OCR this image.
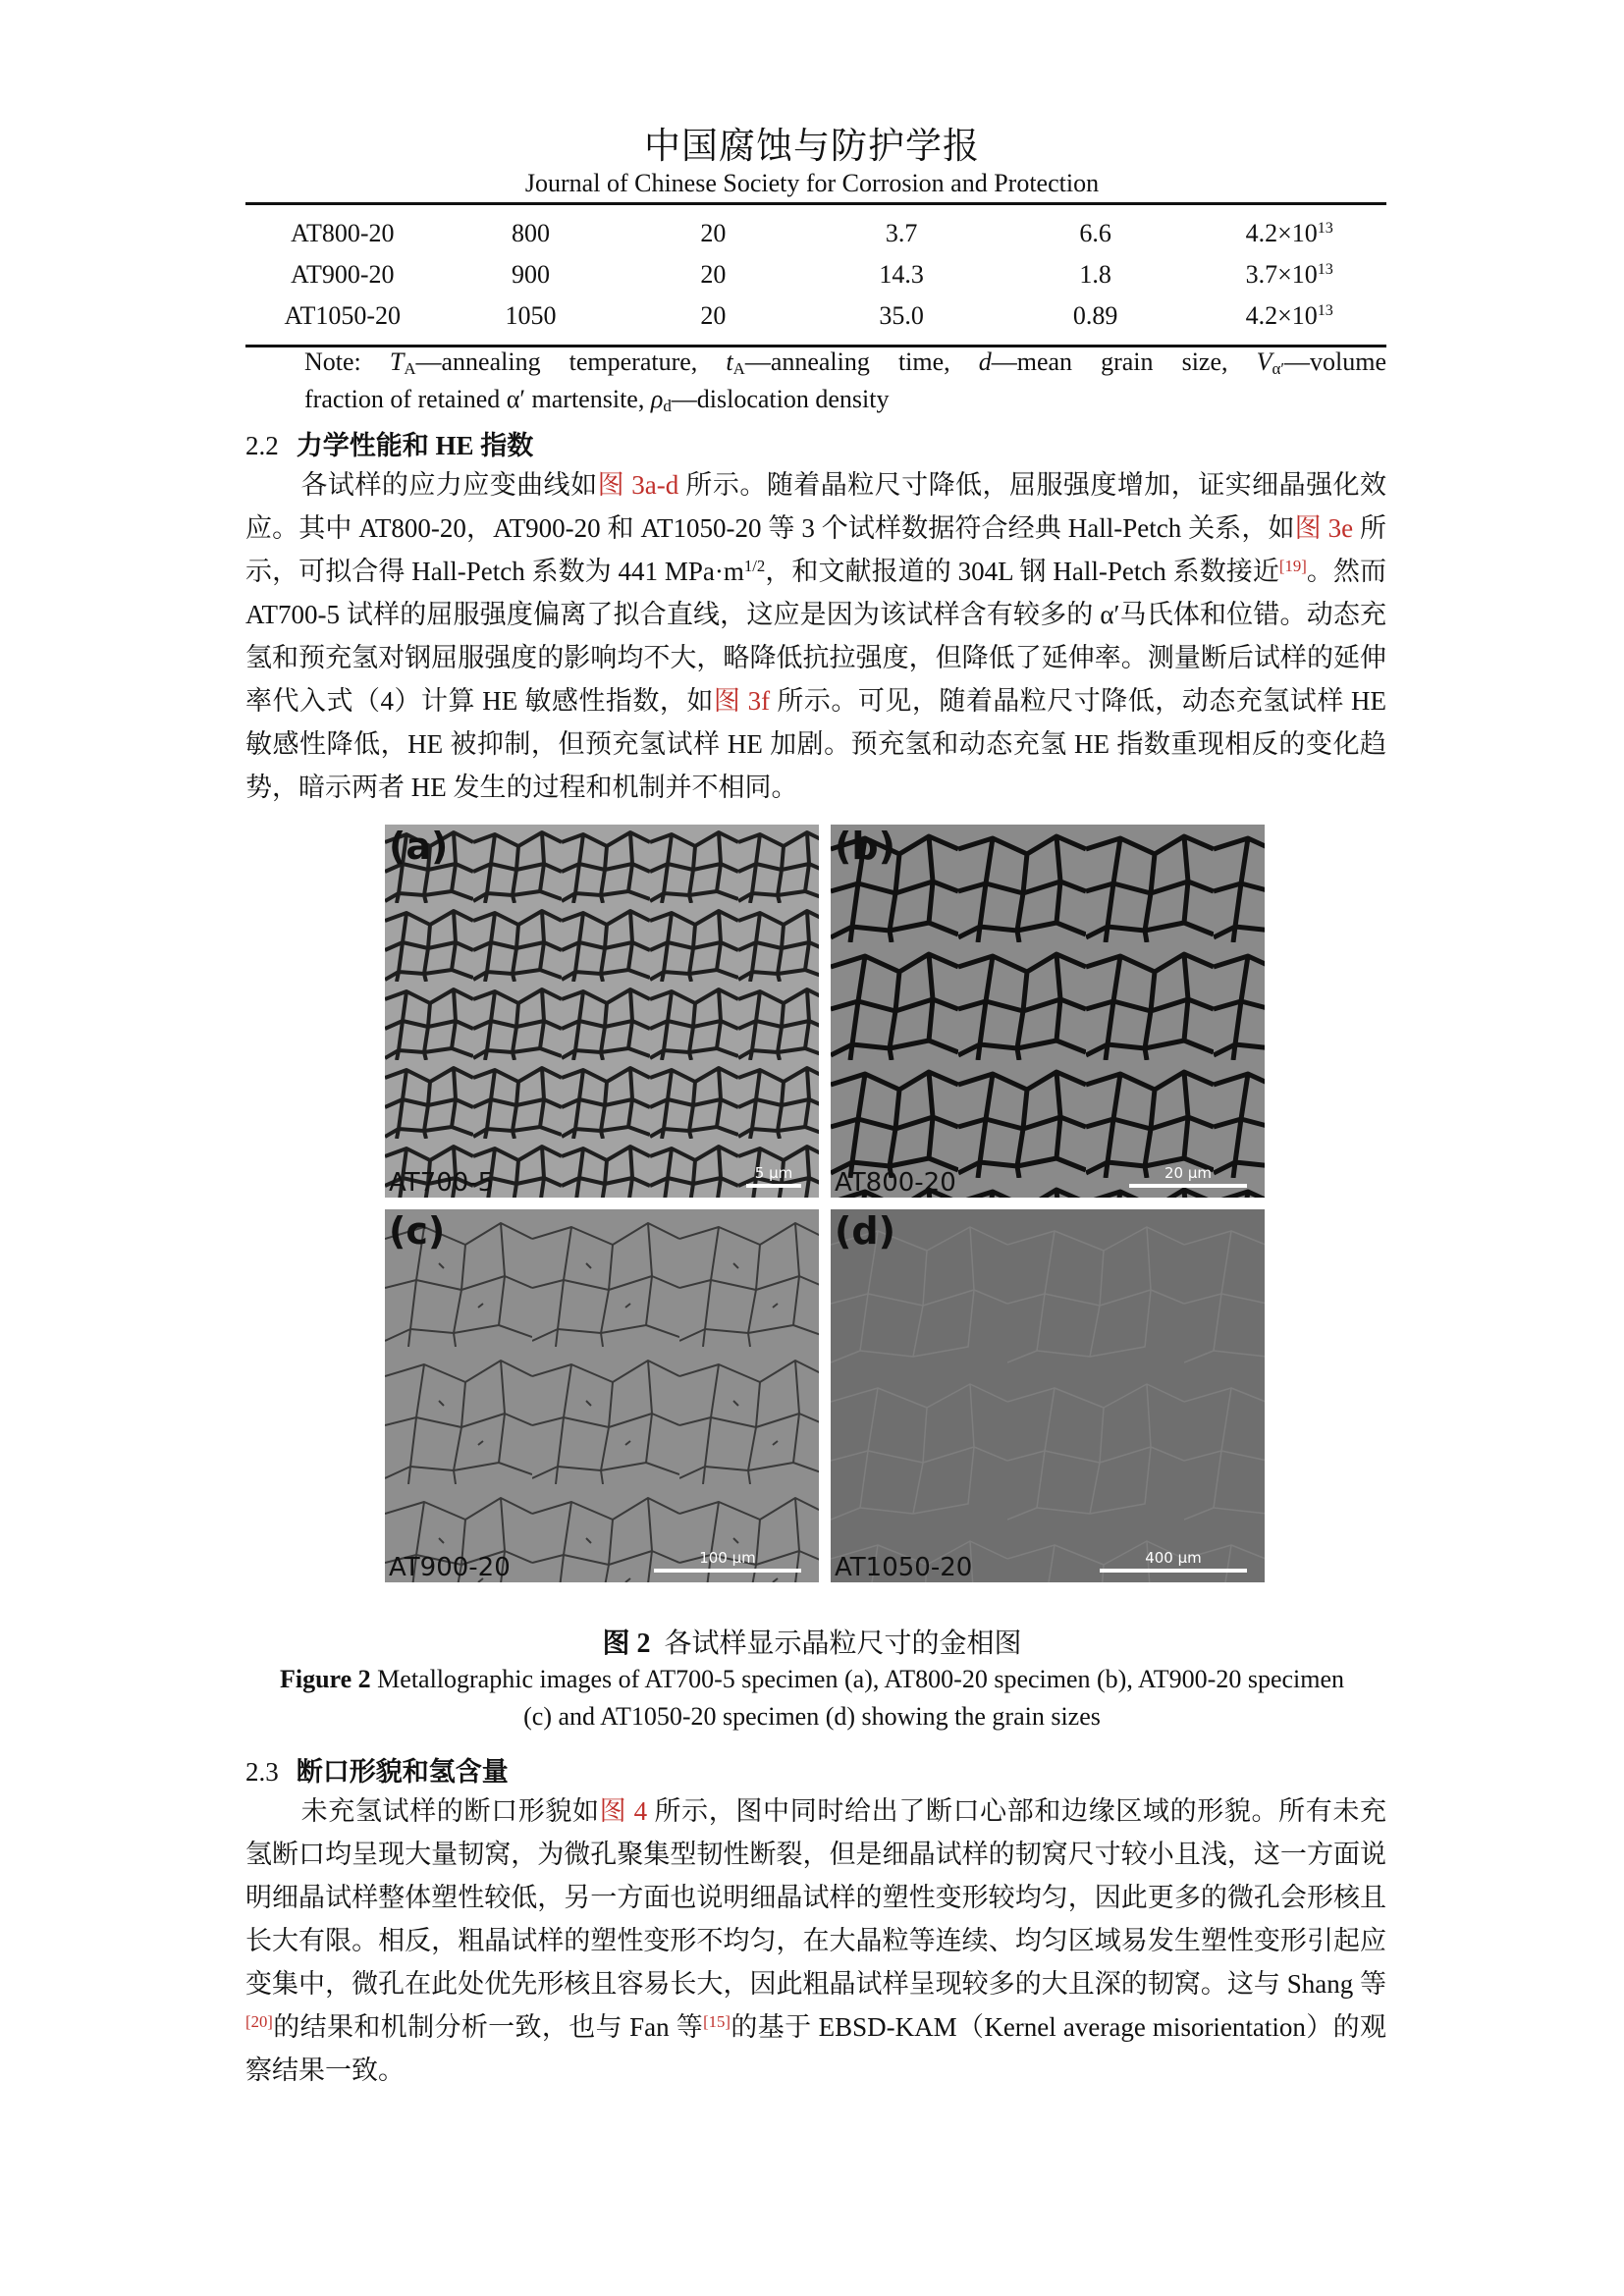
中国腐蚀与防护学报
Journal of Chinese Society for Corrosion and Protection
AT800-20	800	20	3.7	6.6	$4.2\times 10^{13}$
AT900-20	900	20	14.3	1.8	$3.7\times 10^{13}$
AT1050-20	1050	20	35.0	0.89	$4.2\times 10^{13}$
Note: $T_A—annealing$ temperature, $t_A—annealing$ time, d—mean grain size, $V_{\alpha'}—volume$
fraction of retained α′ martensite, $\rho_d—dislocation$ density
2.2 力学性能和 HE 指数
各试样的应力应变曲线如图 3a-d 所示。随着晶粒尺寸降低，屈服强度增加，证实细晶强化效应。其中 AT800-20，AT900-20 和 AT1050-20 等 3 个试样数据符合经典 Hall-Petch 关系，如图 3e 所示，可拟合得 Hall-Petch 系数为 441 $MPa\cdot m^{1/2}$，和文献报道的 304L 钢 Hall-Petch 系数接近[19]。然而 AT700-5 试样的屈服强度偏离了拟合直线，这应是因为该试样含有较多的 α′马氏体和位错。动态充氢和预充氢对钢屈服强度的影响均不大，略降低抗拉强度，但降低了延伸率。测量断后试样的延伸率代入式（4）计算 HE 敏感性指数，如图 3f 所示。可见，随着晶粒尺寸降低，动态充氢试样 HE 敏感性降低，HE 被抑制，但预充氢试样 HE 加剧。预充氢和动态充氢 HE 指数重现相反的变化趋势，暗示两者 HE 发生的过程和机制并不相同。
(a)
AT700-5	5 μm
(b)
AT800-20	20 μm
(c)
AT900-20	100 μm
(d)
AT1050-20	400 μm
图 2 各试样显示晶粒尺寸的金相图
Figure 2 Metallographic images of AT700-5 specimen (a), AT800-20 specimen (b), AT900-20 specimen (c) and AT1050-20 specimen (d) showing the grain sizes
2.3 断口形貌和氢含量
未充氢试样的断口形貌如图 4 所示，图中同时给出了断口心部和边缘区域的形貌。所有未充氢断口均呈现大量韧窝，为微孔聚集型韧性断裂，但是细晶试样的韧窝尺寸较小且浅，这一方面说明细晶试样整体塑性较低，另一方面也说明细晶试样的塑性变形较均匀，因此更多的微孔会形核且长大有限。相反，粗晶试样的塑性变形不均匀，在大晶粒等连续、均匀区域易发生塑性变形引起应变集中，微孔在此处优先形核且容易长大，因此粗晶试样呈现较多的大且深的韧窝。这与 Shang 等[20]的结果和机制分析一致，也与 Fan 等[15]的基于 EBSD-KAM（Kernel average misorientation）的观察结果一致。
